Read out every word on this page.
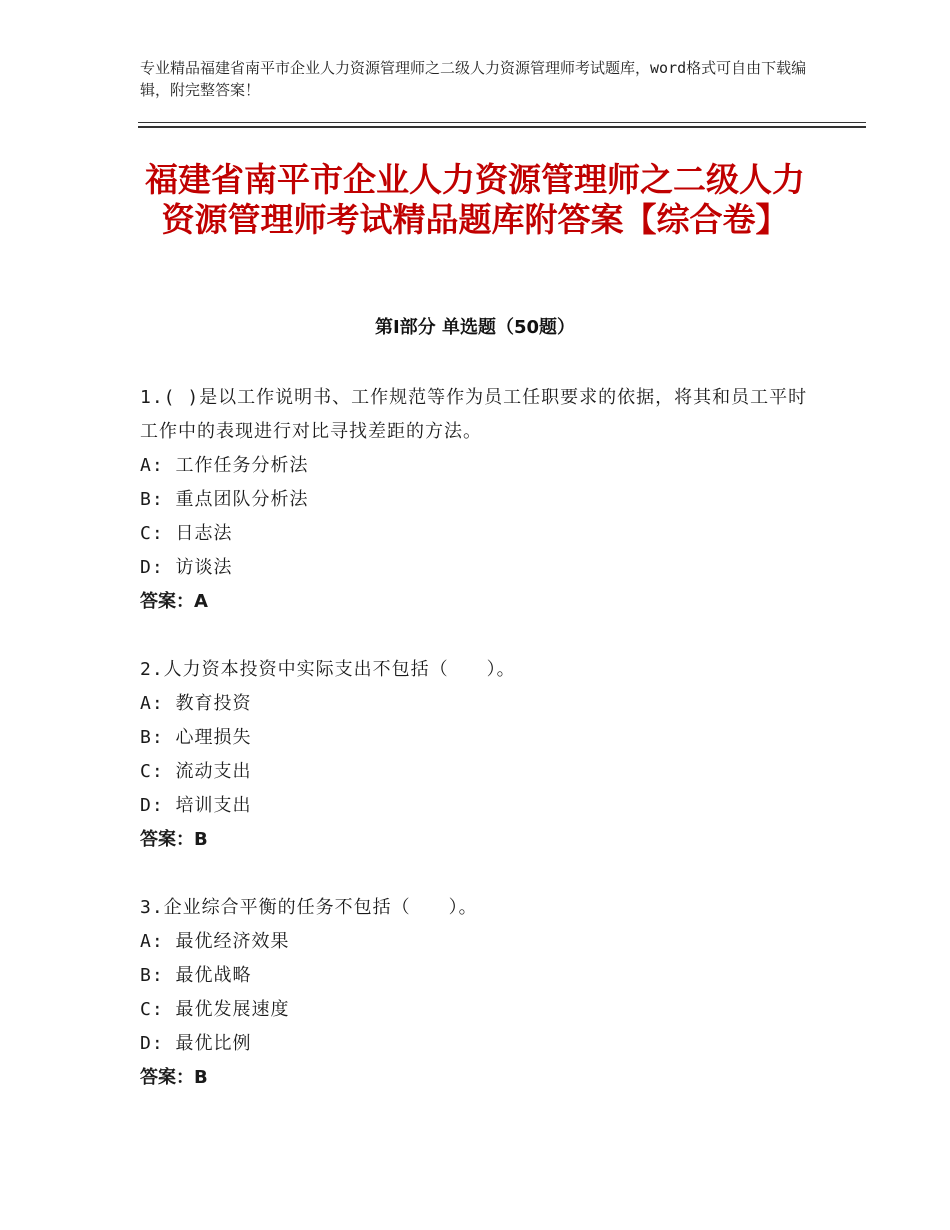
专业精品福建省南平市企业人力资源管理师之二级人力资源管理师考试题库，word格式可自由下载编辑，附完整答案！
福建省南平市企业人力资源管理师之二级人力资源管理师考试精品题库附答案【综合卷】
第Ⅰ部分 单选题（50题）
1.( )是以工作说明书、工作规范等作为员工任职要求的依据，将其和员工平时工作中的表现进行对比寻找差距的方法。
A: 工作任务分析法
B: 重点团队分析法
C: 日志法
D: 访谈法
答案：A
2.人力资本投资中实际支出不包括（　　）。
A: 教育投资
B: 心理损失
C: 流动支出
D: 培训支出
答案：B
3.企业综合平衡的任务不包括（　　）。
A: 最优经济效果
B: 最优战略
C: 最优发展速度
D: 最优比例
答案：B
